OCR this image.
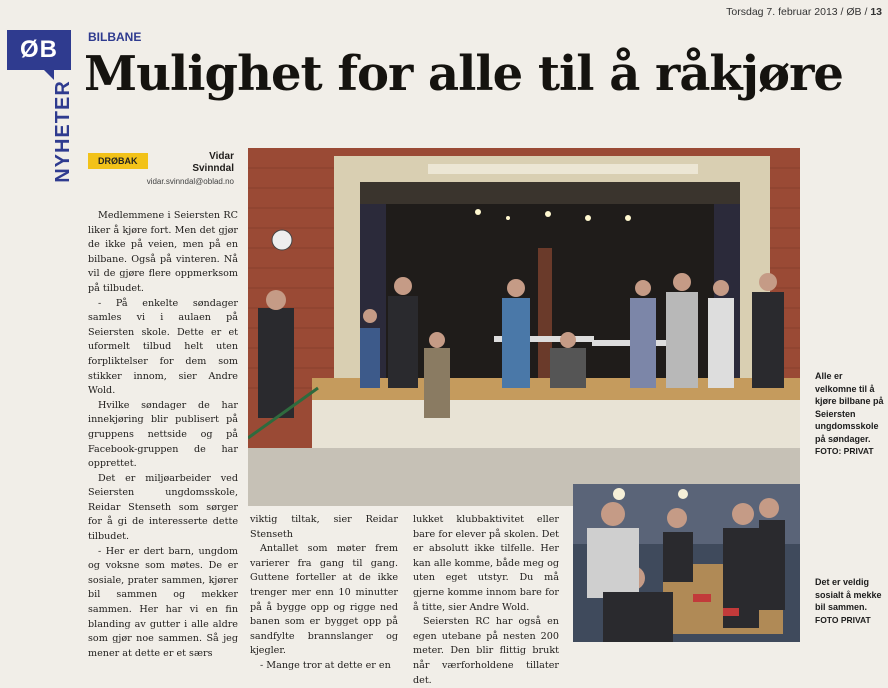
Torsdag 7. februar 2013 / ØB / 13
ØB
NYHETER
BILBANE
Mulighet for alle til å råkjøre
DRØBAK	Vidar
Svinndal
vidar.svinndal@oblad.no

Medlemmene i Seiersten RC liker å kjøre fort. Men det gjør de ikke på veien, men på en bilbane. Også på vinteren. Nå vil de gjøre flere oppmerksom på tilbudet.

- På enkelte søndager samles vi i aulaen på Seiersten skole. Dette er et uformelt tilbud helt uten forpliktelser for dem som stikker innom, sier Andre Wold.

Hvilke søndager de har innekjøring blir publisert på gruppens nettside og på Facebook-gruppen de har opprettet.

Det er miljøarbeider ved Seiersten ungdomsskole, Reidar Stenseth som sørger for å gi de interesserte dette tilbudet.

- Her er dert barn, ungdom og voksne som møtes. De er sosiale, prater sammen, kjører bil sammen og mekker sammen. Her har vi en fin blanding av gutter i alle aldre som gjør noe sammen. Så jeg mener at dette er et særs

viktig tiltak, sier Reidar Stenseth

Antallet som møter frem varierer fra gang til gang. Guttene forteller at de ikke trenger mer enn 10 minutter på å bygge opp og rigge ned banen som er bygget opp på sandfylte brannslanger og kjegler.

- Mange tror at dette er en

lukket klubbaktivitet eller bare for elever på skolen. Det er absolutt ikke tilfelle. Her kan alle komme, både meg og uten eget utstyr. Du må gjerne komme innom bare for å titte, sier Andre Wold.

Seiersten RC har også en egen utebane på nesten 200 meter. Den blir flittig brukt når værforholdene tillater det.

Alle er velkomne til å kjøre bilbane på Seiersten ungdomsskole på søndager.
FOTO: PRIVAT
Det er veldig sosialt å mekke bil sammen.
FOTO PRIVAT
